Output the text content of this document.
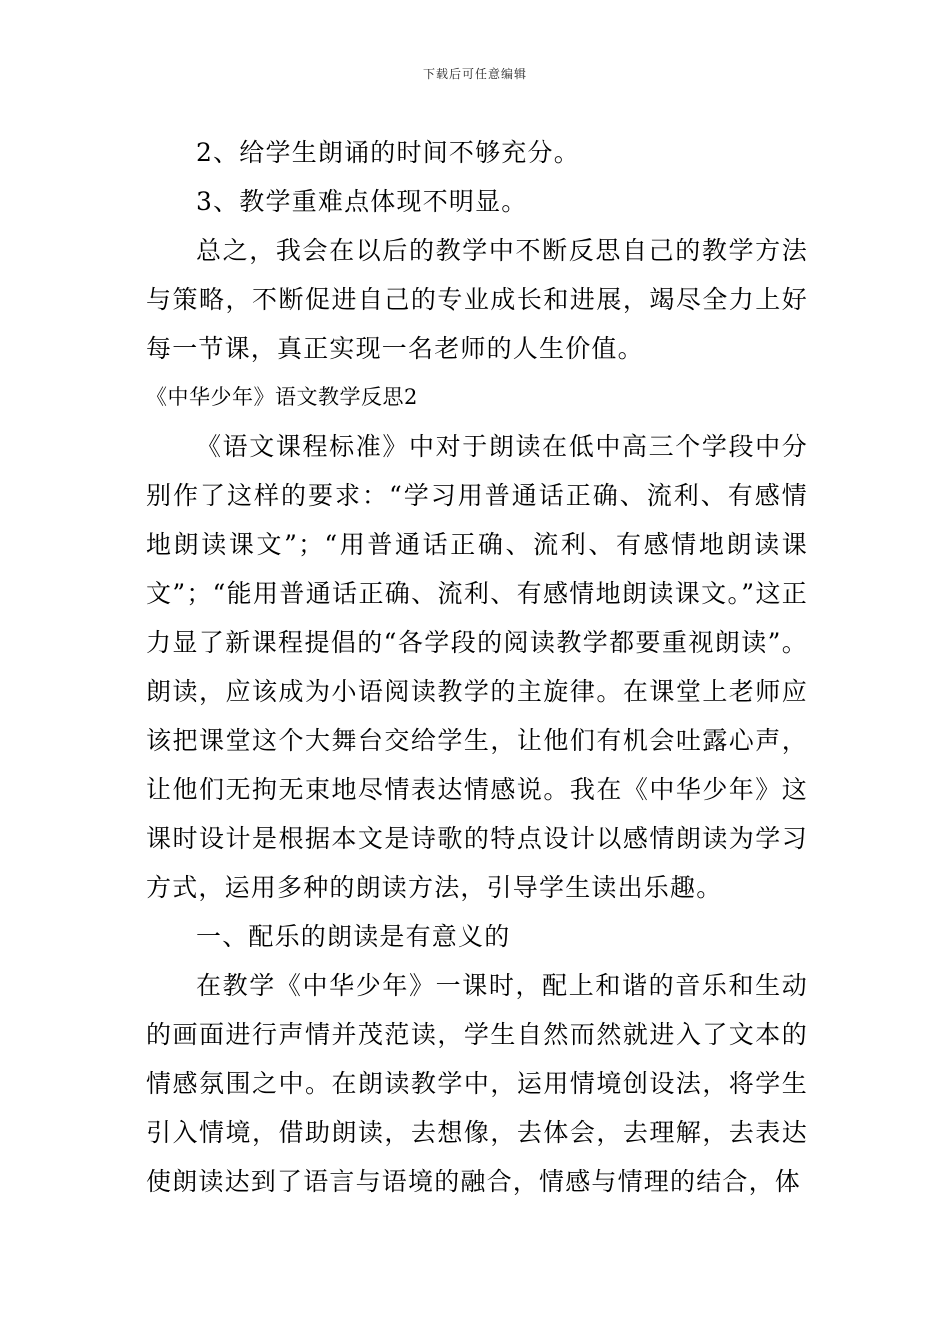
下载后可任意编辑

2、给学生朗诵的时间不够充分。

3、教学重难点体现不明显。

总之，我会在以后的教学中不断反思自己的教学方法与策略，不断促进自己的专业成长和进展，竭尽全力上好每一节课，真正实现一名老师的人生价值。

《中华少年》语文教学反思2

《语文课程标准》中对于朗读在低中高三个学段中分别作了这样的要求：“学习用普通话正确、流利、有感情地朗读课文”；“用普通话正确、流利、有感情地朗读课文”；“能用普通话正确、流利、有感情地朗读课文。”这正力显了新课程提倡的“各学段的阅读教学都要重视朗读”。朗读，应该成为小语阅读教学的主旋律。在课堂上老师应该把课堂这个大舞台交给学生，让他们有机会吐露心声，让他们无拘无束地尽情表达情感说。我在《中华少年》这课时设计是根据本文是诗歌的特点设计以感情朗读为学习方式，运用多种的朗读方法，引导学生读出乐趣。

一、配乐的朗读是有意义的

在教学《中华少年》一课时，配上和谐的音乐和生动的画面进行声情并茂范读，学生自然而然就进入了文本的情感氛围之中。在朗读教学中，运用情境创设法，将学生引入情境，借助朗读，去想像，去体会，去理解，去表达使朗读达到了语言与语境的融合，情感与情理的结合，体
